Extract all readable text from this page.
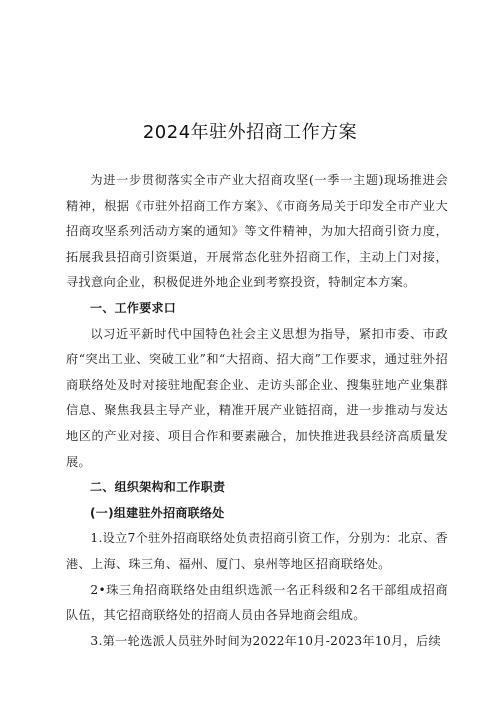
2024年驻外招商工作方案

为进一步贯彻落实全市产业大招商攻坚(一季一主题)现场推进会精神，根据《市驻外招商工作方案》、《市商务局关于印发全市产业大招商攻坚系列活动方案的通知》等文件精神，为加大招商引资力度，拓展我县招商引资渠道，开展常态化驻外招商工作，主动上门对接，寻找意向企业，积极促进外地企业到考察投资，特制定本方案。

一、工作要求口

以习近平新时代中国特色社会主义思想为指导，紧扣市委、市政府“突出工业、突破工业”和“大招商、招大商”工作要求，通过驻外招商联络处及时对接驻地配套企业、走访头部企业、搜集驻地产业集群信息、聚焦我县主导产业，精准开展产业链招商，进一步推动与发达地区的产业对接、项目合作和要素融合，加快推进我县经济高质量发展。

二、组织架构和工作职责

(一)组建驻外招商联络处

1.设立7个驻外招商联络处负责招商引资工作，分别为：北京、香港、上海、珠三角、福州、厦门、泉州等地区招商联络处。

2•珠三角招商联络处由组织选派一名正科级和2名干部组成招商队伍，其它招商联络处的招商人员由各异地商会组成。

3.第一轮选派人员驻外时间为2022年10月-2023年10月，后续
